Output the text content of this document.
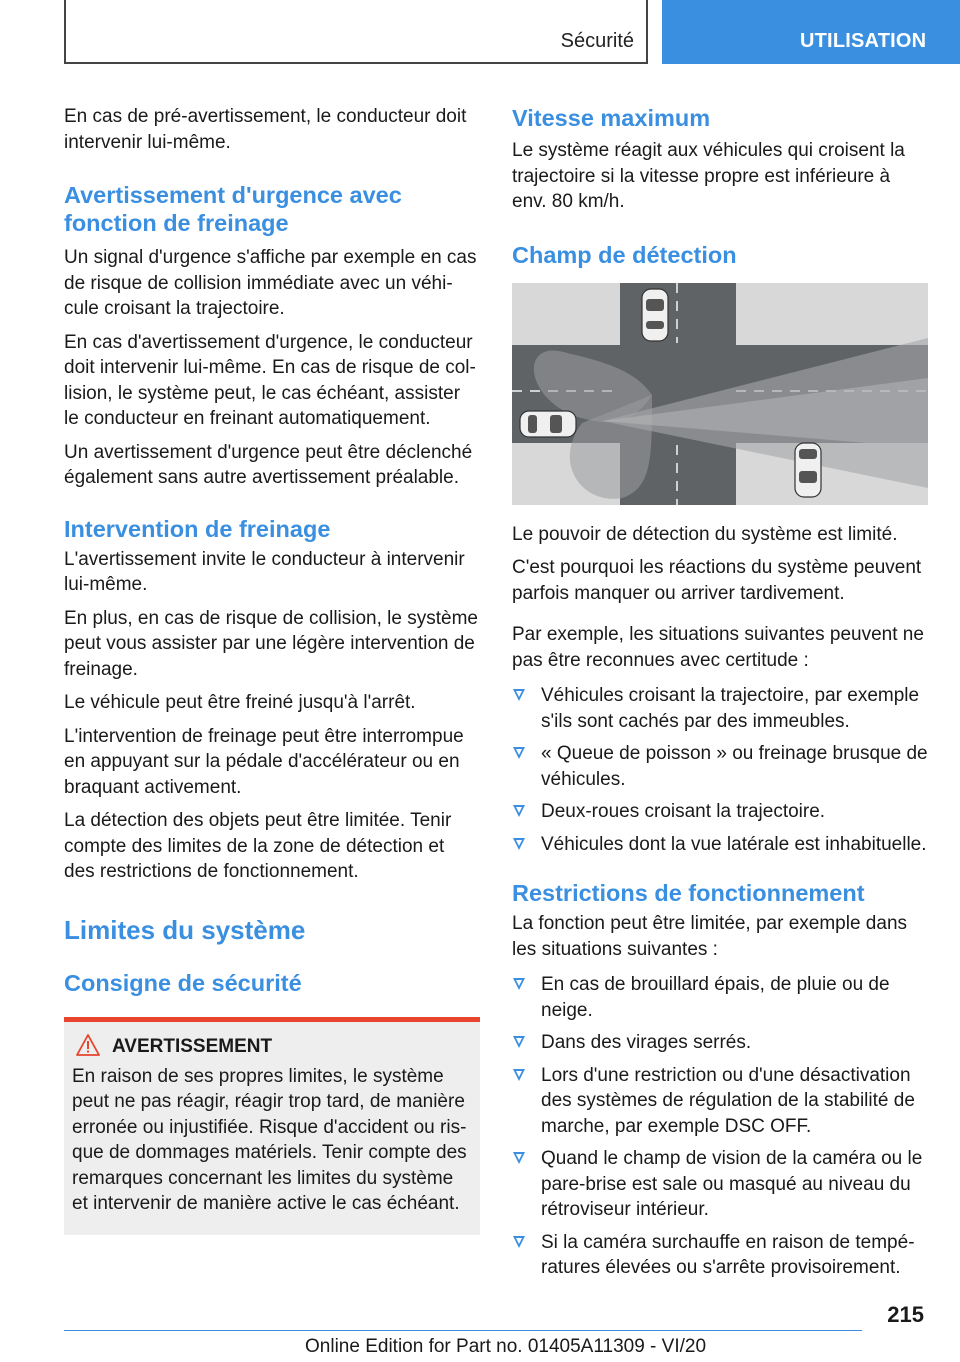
Sécurité	UTILISATION

En cas de pré-avertissement, le conducteur doit intervenir lui-même.

Avertissement d'urgence avec fonction de freinage

Un signal d'urgence s'affiche par exemple en cas de risque de collision immédiate avec un véhi-cule croisant la trajectoire.

En cas d'avertissement d'urgence, le conducteur doit intervenir lui-même. En cas de risque de col-lision, le système peut, le cas échéant, assister le conducteur en freinant automatiquement.

Un avertissement d'urgence peut être déclenché également sans autre avertissement préalable.

Intervention de freinage

L'avertissement invite le conducteur à intervenir lui-même.

En plus, en cas de risque de collision, le système peut vous assister par une légère intervention de freinage.

Le véhicule peut être freiné jusqu'à l'arrêt.

L'intervention de freinage peut être interrompue en appuyant sur la pédale d'accélérateur ou en braquant activement.

La détection des objets peut être limitée. Tenir compte des limites de la zone de détection et des restrictions de fonctionnement.

Limites du système
Consigne de sécurité
AVERTISSEMENT

En raison de ses propres limites, le système peut ne pas réagir, réagir trop tard, de manière erronée ou injustifiée. Risque d'accident ou ris-que de dommages matériels. Tenir compte des remarques concernant les limites du système et intervenir de manière active le cas échéant.

Vitesse maximum

Le système réagit aux véhicules qui croisent la trajectoire si la vitesse propre est inférieure à env. 80 km/h.

Champ de détection

Le pouvoir de détection du système est limité.

C'est pourquoi les réactions du système peuvent parfois manquer ou arriver tardivement.

Par exemple, les situations suivantes peuvent ne pas être reconnues avec certitude :

Véhicules croisant la trajectoire, par exemple s'ils sont cachés par des immeubles.
« Queue de poisson » ou freinage brusque de véhicules.
Deux-roues croisant la trajectoire.
Véhicules dont la vue latérale est inhabituelle.
Restrictions de fonctionnement

La fonction peut être limitée, par exemple dans les situations suivantes :

En cas de brouillard épais, de pluie ou de neige.
Dans des virages serrés.
Lors d'une restriction ou d'une désactivation des systèmes de régulation de la stabilité de marche, par exemple DSC OFF.
Quand le champ de vision de la caméra ou le pare-brise est sale ou masqué au niveau du rétroviseur intérieur.
Si la caméra surchauffe en raison de tempé-ratures élevées ou s'arrête provisoirement.
215
Online Edition for Part no. 01405A11309 - VI/20
